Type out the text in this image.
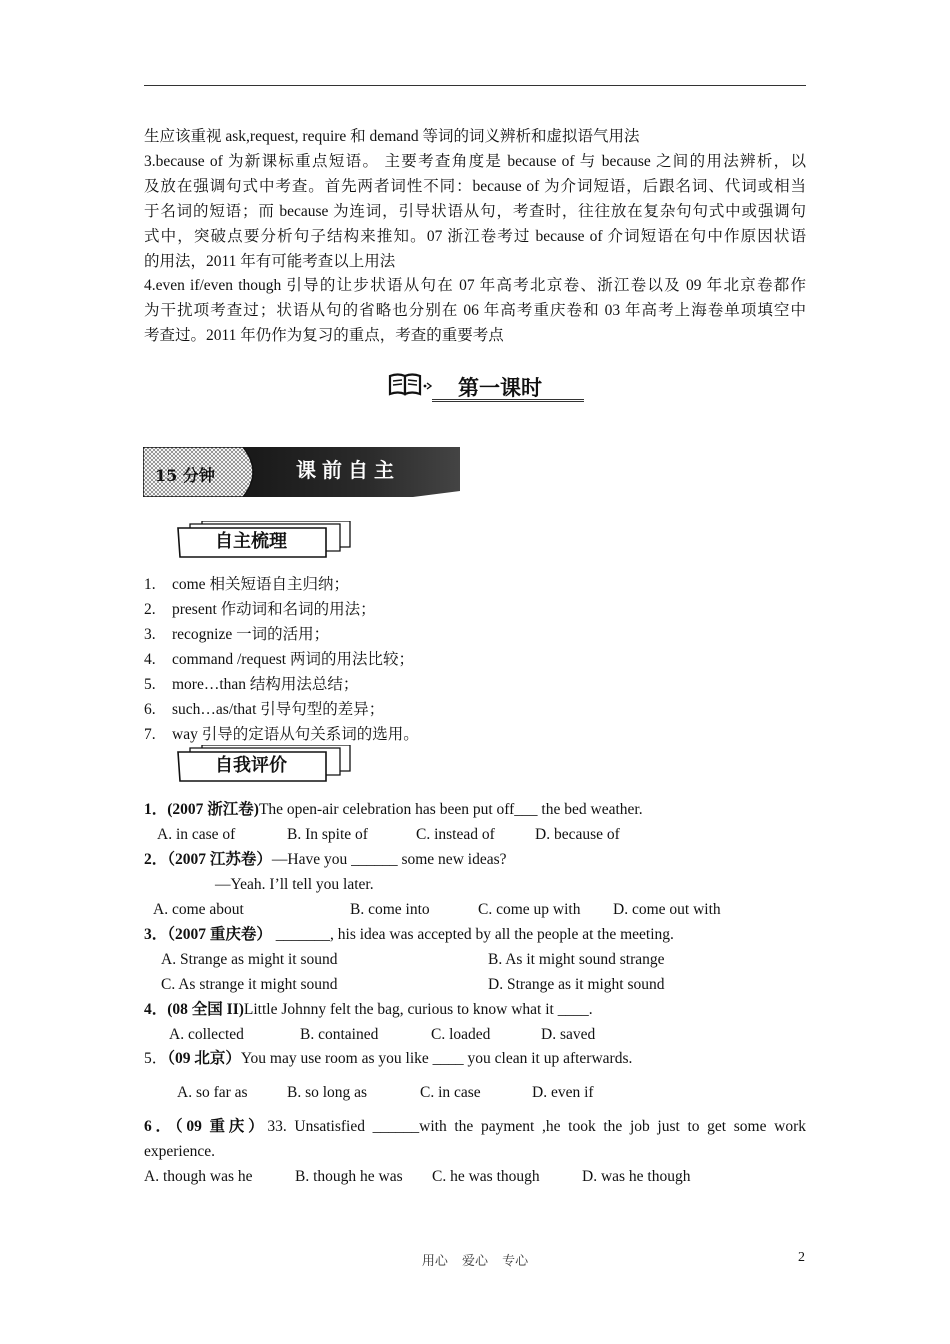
生应该重视 ask,request, require 和 demand 等词的词义辨析和虚拟语气用法
3.because of 为新课标重点短语。 主要考查角度是 because of 与 because 之间的用法辨析，以
及放在强调句式中考查。首先两者词性不同：because of 为介词短语，后跟名词、代词或相当
于名词的短语；而 because 为连词，引导状语从句，考查时，往往放在复杂句句式中或强调句
式中，突破点要分析句子结构来推知。07 浙江卷考过 because of 介词短语在句中作原因状语
的用法，2011 年有可能考查以上用法
4.even if/even though 引导的让步状语从句在 07 年高考北京卷、浙江卷以及 09 年北京卷都作
为干扰项考查过；状语从句的省略也分别在 06 年高考重庆卷和 03 年高考上海卷单项填空中
考查过。2011 年仍作为复习的重点，考查的重要考点
第一课时
15 分钟	课前自主
自主梳理
1. come 相关短语自主归纳；
2. present 作动词和名词的用法；
3. recognize 一词的活用；
4. command /request 两词的用法比较；
5. more…than 结构用法总结；
6. such…as/that 引导句型的差异；
7. way 引导的定语从句关系词的选用。
自我评价
1．(2007 浙江卷)The open-air celebration has been put off___ the bed weather.
A. in case of	B. In spite of	C. instead of	D. because of
2．（2007 江苏卷）—Have you ______ some new ideas?
—Yeah. I’ll tell you later.
A. come about	B. come into	C. come up with D. come out with
3．（2007 重庆卷） _______, his idea was accepted by all the people at the meeting.
A. Strange as might it sound	B. As it might sound strange
C. As strange it might sound	D. Strange as it might sound
4．(08 全国 II)Little Johnny felt the bag, curious to know what it ____.
A. collected	B. contained	C. loaded	D. saved
5．（09 北京）You may use room as you like ____ you clean it up afterwards.
A. so far as	B. so long as	C. in case	D. even if
6．（09 重庆）33. Unsatisfied ______with the payment ,he took the job just to get some work
experience.
A. though was he	B. though he was C. he was though	D. was he though
用心 爱心 专心	2
